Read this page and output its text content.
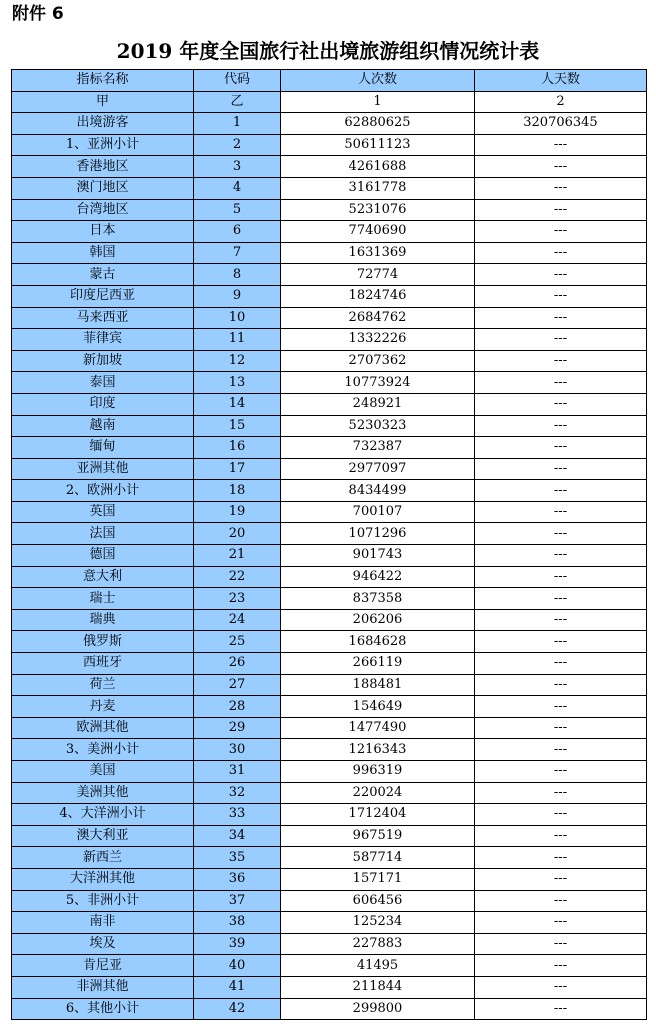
附件 6
2019 年度全国旅行社出境旅游组织情况统计表
指标名称	代码	人次数	人天数
甲	乙	1	2
出境游客	1	62880625	320706345
1、亚洲小计	2	50611123	---
香港地区	3	4261688	---
澳门地区	4	3161778	---
台湾地区	5	5231076	---
日本	6	7740690	---
韩国	7	1631369	---
蒙古	8	72774	---
印度尼西亚	9	1824746	---
马来西亚	10	2684762	---
菲律宾	11	1332226	---
新加坡	12	2707362	---
泰国	13	10773924	---
印度	14	248921	---
越南	15	5230323	---
缅甸	16	732387	---
亚洲其他	17	2977097	---
2、欧洲小计	18	8434499	---
英国	19	700107	---
法国	20	1071296	---
德国	21	901743	---
意大利	22	946422	---
瑞士	23	837358	---
瑞典	24	206206	---
俄罗斯	25	1684628	---
西班牙	26	266119	---
荷兰	27	188481	---
丹麦	28	154649	---
欧洲其他	29	1477490	---
3、美洲小计	30	1216343	---
美国	31	996319	---
美洲其他	32	220024	---
4、大洋洲小计	33	1712404	---
澳大利亚	34	967519	---
新西兰	35	587714	---
大洋洲其他	36	157171	---
5、非洲小计	37	606456	---
南非	38	125234	---
埃及	39	227883	---
肯尼亚	40	41495	---
非洲其他	41	211844	---
6、其他小计	42	299800	---
